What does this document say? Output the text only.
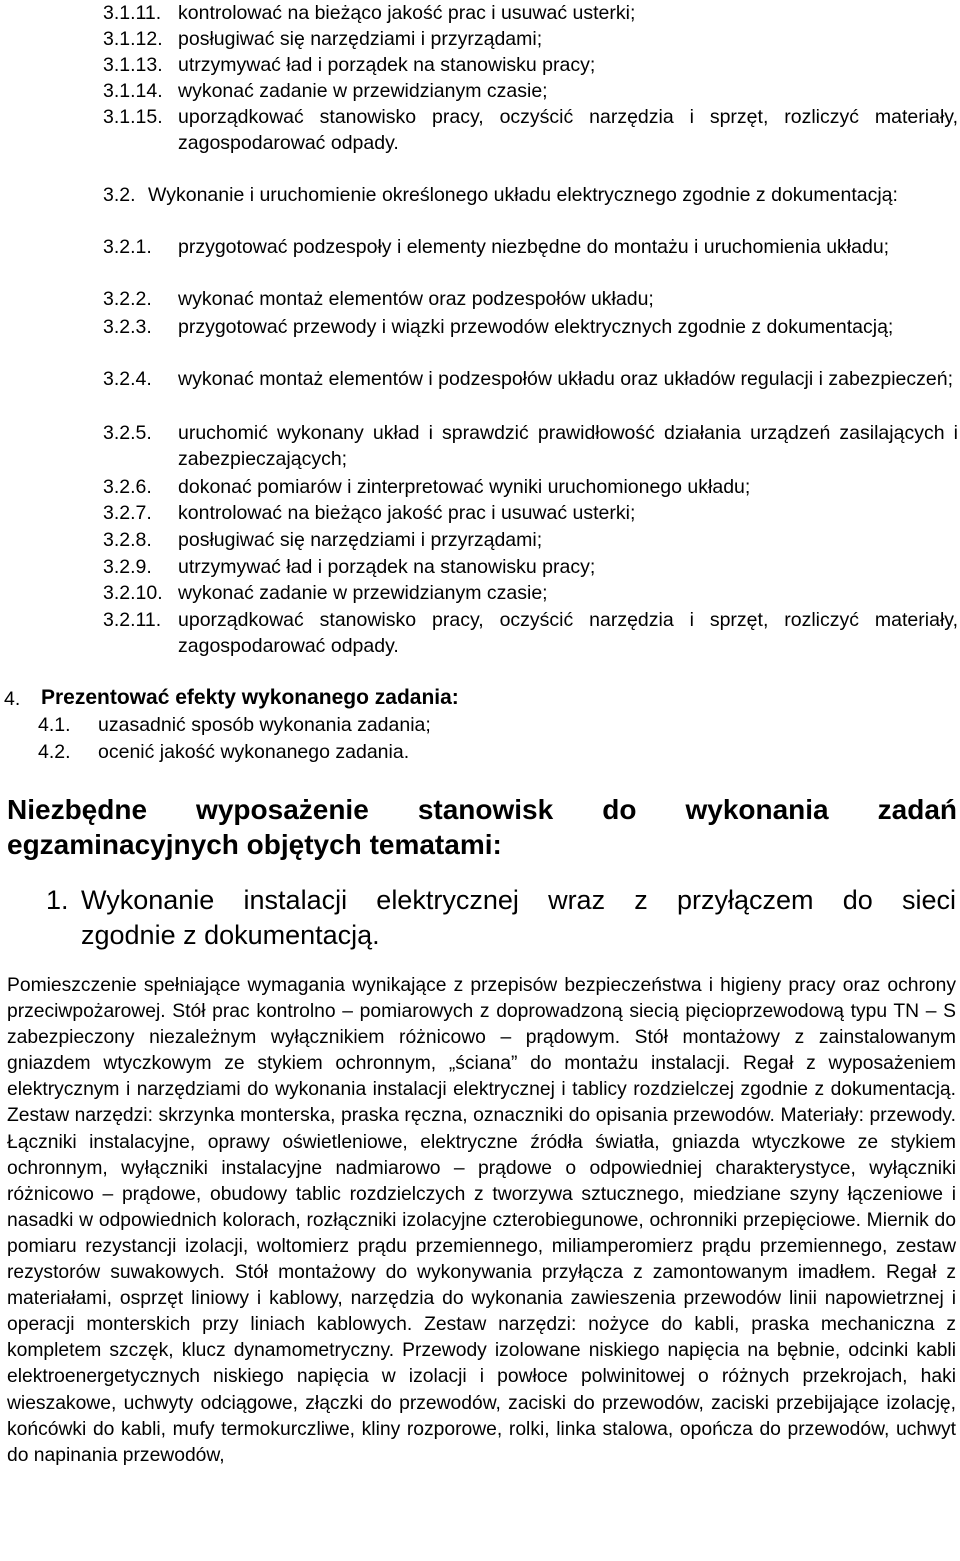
3.1.11. kontrolować na bieżąco jakość prac i usuwać usterki;
3.1.12. posługiwać się narzędziami i przyrządami;
3.1.13. utrzymywać ład i porządek na stanowisku pracy;
3.1.14. wykonać zadanie w przewidzianym czasie;
3.1.15. uporządkować stanowisko pracy, oczyścić narzędzia i sprzęt, rozliczyć materiały, zagospodarować odpady.
3.2. Wykonanie i uruchomienie określonego układu elektrycznego zgodnie z dokumentacją:
3.2.1. przygotować podzespoły i elementy niezbędne do montażu i uruchomienia układu;
3.2.2. wykonać montaż elementów oraz podzespołów układu;
3.2.3. przygotować przewody i wiązki przewodów elektrycznych zgodnie z dokumentacją;
3.2.4. wykonać montaż elementów i podzespołów układu oraz układów regulacji i zabezpieczeń;
3.2.5. uruchomić wykonany układ i sprawdzić prawidłowość działania urządzeń zasilających i zabezpieczających;
3.2.6. dokonać pomiarów i zinterpretować wyniki uruchomionego układu;
3.2.7. kontrolować na bieżąco jakość prac i usuwać usterki;
3.2.8. posługiwać się narzędziami i przyrządami;
3.2.9. utrzymywać ład i porządek na stanowisku pracy;
3.2.10. wykonać zadanie w przewidzianym czasie;
3.2.11. uporządkować stanowisko pracy, oczyścić narzędzia i sprzęt, rozliczyć materiały, zagospodarować odpady.
4. Prezentować efekty wykonanego zadania:
4.1. uzasadnić sposób wykonania zadania;
4.2. ocenić jakość wykonanego zadania.
Niezbędne wyposażenie stanowisk do wykonania zadań
egzaminacyjnych objętych tematami:
1. Wykonanie instalacji elektrycznej wraz z przyłączem do sieci
zgodnie z dokumentacją.
Pomieszczenie spełniające wymagania wynikające z przepisów bezpieczeństwa i higieny pracy oraz ochrony przeciwpożarowej. Stół prac kontrolno – pomiarowych z doprowadzoną siecią pięcioprzewodową typu TN – S zabezpieczony niezależnym wyłącznikiem różnicowo – prądowym. Stół montażowy z zainstalowanym gniazdem wtyczkowym ze stykiem ochronnym, „ściana” do montażu instalacji. Regał z wyposażeniem elektrycznym i narzędziami do wykonania instalacji elektrycznej i tablicy rozdzielczej zgodnie z dokumentacją. Zestaw narzędzi: skrzynka monterska, praska ręczna, oznaczniki do opisania przewodów. Materiały: przewody. Łączniki instalacyjne, oprawy oświetleniowe, elektryczne źródła światła, gniazda wtyczkowe ze stykiem ochronnym, wyłączniki instalacyjne nadmiarowo – prądowe o odpowiedniej charakterystyce, wyłączniki różnicowo – prądowe, obudowy tablic rozdzielczych z tworzywa sztucznego, miedziane szyny łączeniowe i nasadki w odpowiednich kolorach, rozłączniki izolacyjne czterobiegunowe, ochronniki przepięciowe. Miernik do pomiaru rezystancji izolacji, woltomierz prądu przemiennego, miliamperomierz prądu przemiennego, zestaw rezystorów suwakowych. Stół montażowy do wykonywania przyłącza z zamontowanym imadłem. Regał z materiałami, osprzęt liniowy i kablowy, narzędzia do wykonania zawieszenia przewodów linii napowietrznej i operacji monterskich przy liniach kablowych. Zestaw narzędzi: nożyce do kabli, praska mechaniczna z kompletem szczęk, klucz dynamometryczny. Przewody izolowane niskiego napięcia na bębnie, odcinki kabli elektroenergetycznych niskiego napięcia w izolacji i powłoce polwinitowej o różnych przekrojach, haki wieszakowe, uchwyty odciągowe, złączki do przewodów, zaciski do przewodów, zaciski przebijające izolację, końcówki do kabli, mufy termokurczliwe, kliny rozporowe, rolki, linka stalowa, opończa do przewodów, uchwyt do napinania przewodów,
